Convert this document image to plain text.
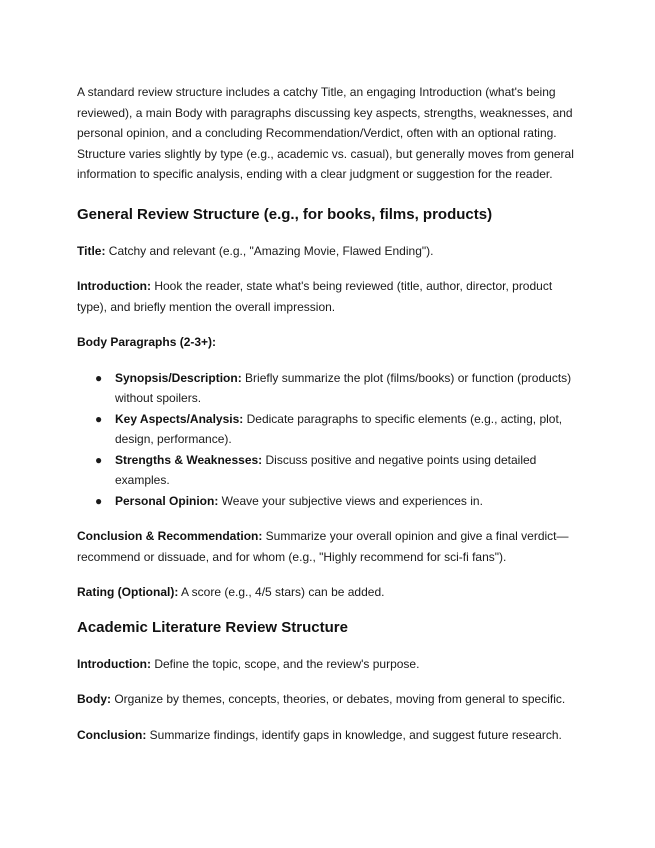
A standard review structure includes a catchy Title, an engaging Introduction (what's being reviewed), a main Body with paragraphs discussing key aspects, strengths, weaknesses, and personal opinion, and a concluding Recommendation/Verdict, often with an optional rating. Structure varies slightly by type (e.g., academic vs. casual), but generally moves from general information to specific analysis, ending with a clear judgment or suggestion for the reader.

General Review Structure (e.g., for books, films, products)

Title: Catchy and relevant (e.g., "Amazing Movie, Flawed Ending").

Introduction: Hook the reader, state what's being reviewed (title, author, director, product type), and briefly mention the overall impression.

Body Paragraphs (2-3+):

● Synopsis/Description: Briefly summarize the plot (films/books) or function (products) without spoilers.
● Key Aspects/Analysis: Dedicate paragraphs to specific elements (e.g., acting, plot, design, performance).
● Strengths & Weaknesses: Discuss positive and negative points using detailed examples.
● Personal Opinion: Weave your subjective views and experiences in.

Conclusion & Recommendation: Summarize your overall opinion and give a final verdict—recommend or dissuade, and for whom (e.g., "Highly recommend for sci-fi fans").

Rating (Optional): A score (e.g., 4/5 stars) can be added.

Academic Literature Review Structure

Introduction: Define the topic, scope, and the review's purpose.

Body: Organize by themes, concepts, theories, or debates, moving from general to specific.

Conclusion: Summarize findings, identify gaps in knowledge, and suggest future research.
